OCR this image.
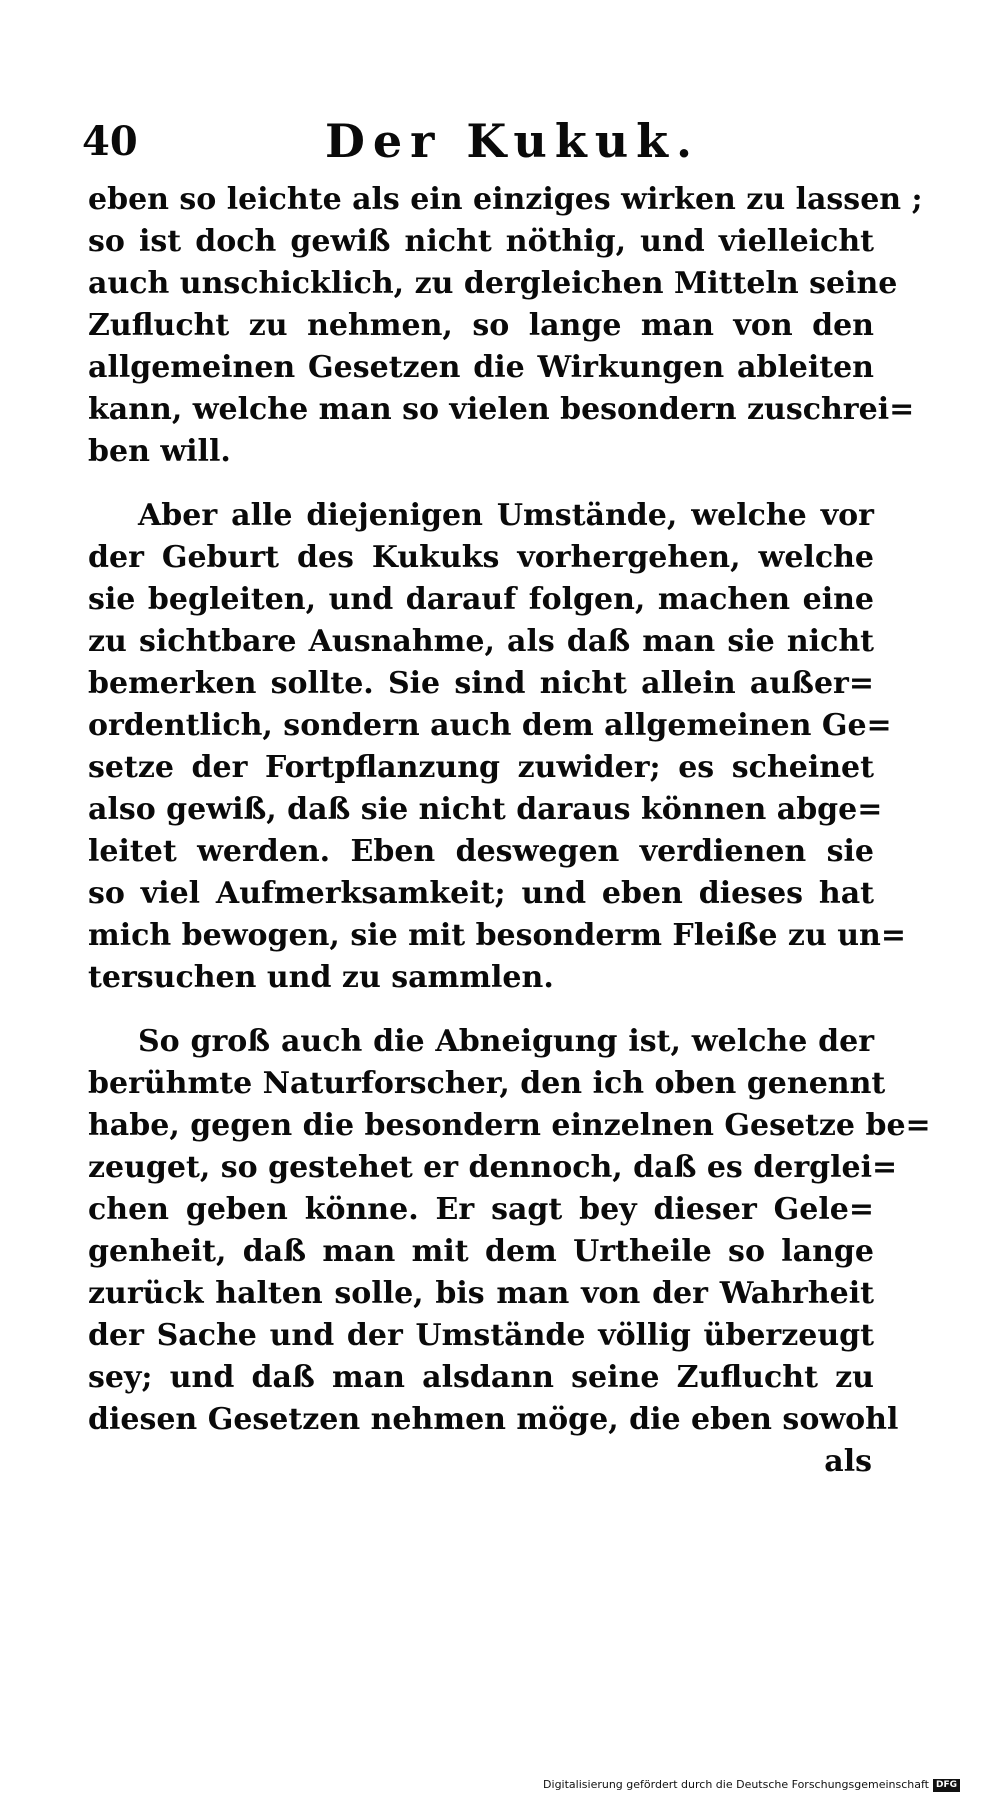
40	Der Kukuk.
eben so leichte als ein einziges wirken zu lassen ;
so ist doch gewiß nicht nöthig, und vielleicht
auch unschicklich, zu dergleichen Mitteln seine
Zuflucht zu nehmen, so lange man von den
allgemeinen Gesetzen die Wirkungen ableiten
kann, welche man so vielen besondern zuschrei=
ben will.
Aber alle diejenigen Umstände, welche vor
der Geburt des Kukuks vorhergehen, welche
sie begleiten, und darauf folgen, machen eine
zu sichtbare Ausnahme, als daß man sie nicht
bemerken sollte. Sie sind nicht allein außer=
ordentlich, sondern auch dem allgemeinen Ge=
setze der Fortpflanzung zuwider; es scheinet
also gewiß, daß sie nicht daraus können abge=
leitet werden. Eben deswegen verdienen sie
so viel Aufmerksamkeit; und eben dieses hat
mich bewogen, sie mit besonderm Fleiße zu un=
tersuchen und zu sammlen.
So groß auch die Abneigung ist, welche der
berühmte Naturforscher, den ich oben genennt
habe, gegen die besondern einzelnen Gesetze be=
zeuget, so gestehet er dennoch, daß es derglei=
chen geben könne. Er sagt bey dieser Gele=
genheit, daß man mit dem Urtheile so lange
zurück halten solle, bis man von der Wahrheit
der Sache und der Umstände völlig überzeugt
sey; und daß man alsdann seine Zuflucht zu
diesen Gesetzen nehmen möge, die eben sowohl
als
Digitalisierung gefördert durch die Deutsche Forschungsgemeinschaft DFG
